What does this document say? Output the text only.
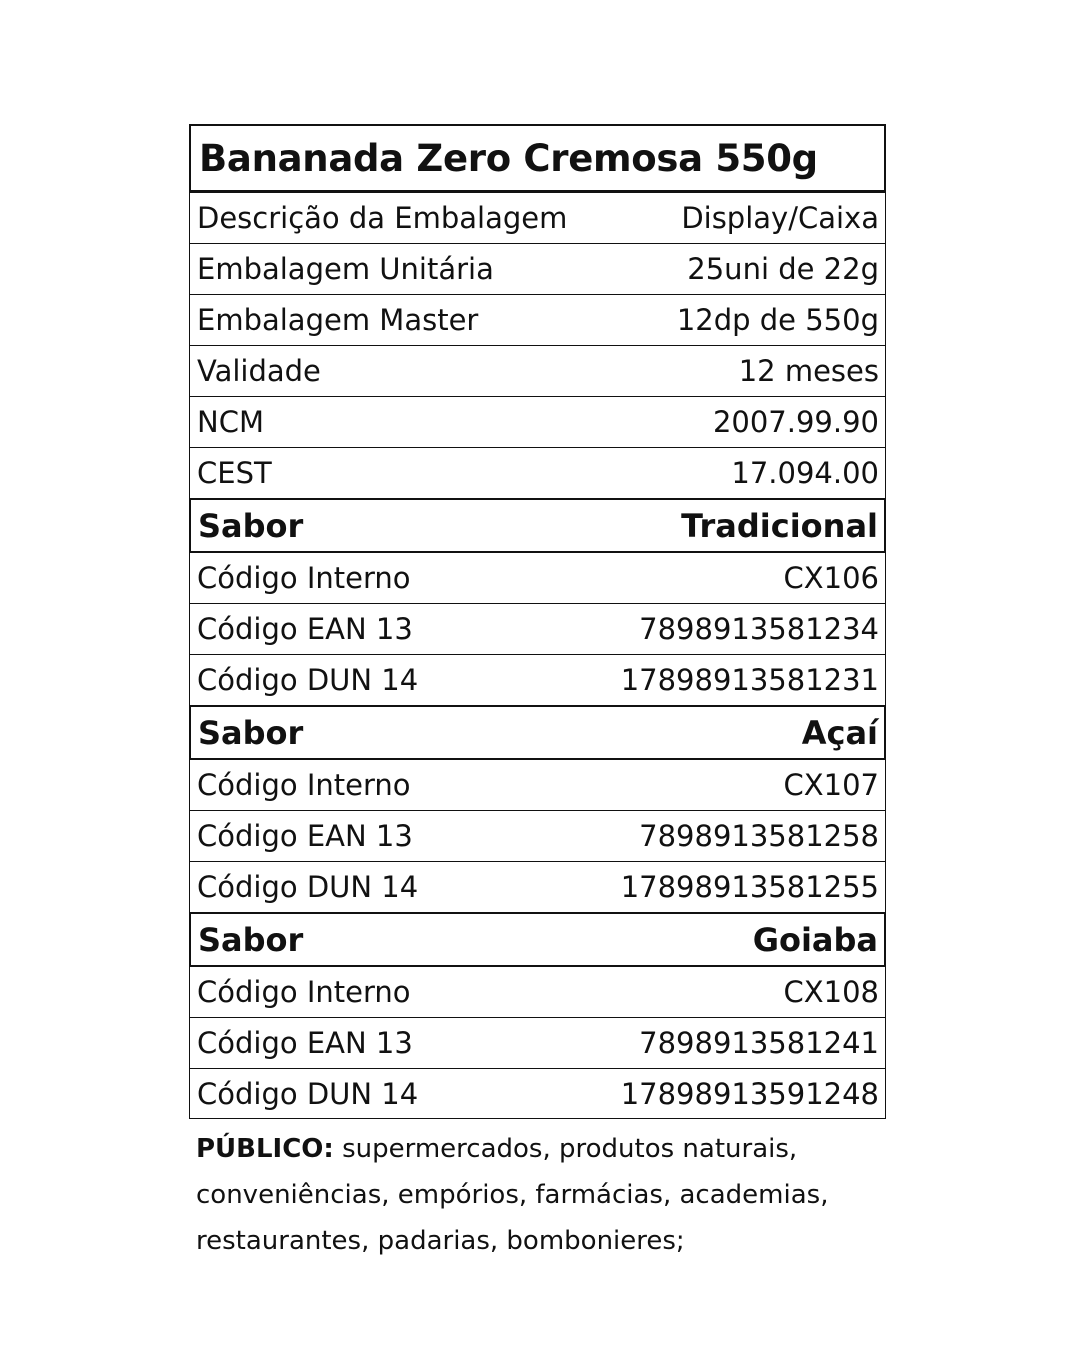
Bananada Zero Cremosa 550g
Descrição da Embalagem	Display/Caixa
Embalagem Unitária	25uni de 22g
Embalagem Master	12dp de 550g
Validade	12 meses
NCM	2007.99.90
CEST	17.094.00
Sabor	Tradicional
Código Interno	CX106
Código EAN 13	7898913581234
Código DUN 14	17898913581231
Sabor	Açaí
Código Interno	CX107
Código EAN 13	7898913581258
Código DUN 14	17898913581255
Sabor	Goiaba
Código Interno	CX108
Código EAN 13	7898913581241
Código DUN 14	17898913591248
PÚBLICO: supermercados, produtos naturais, conveniências, empórios, farmácias, academias, restaurantes, padarias, bombonieres;
